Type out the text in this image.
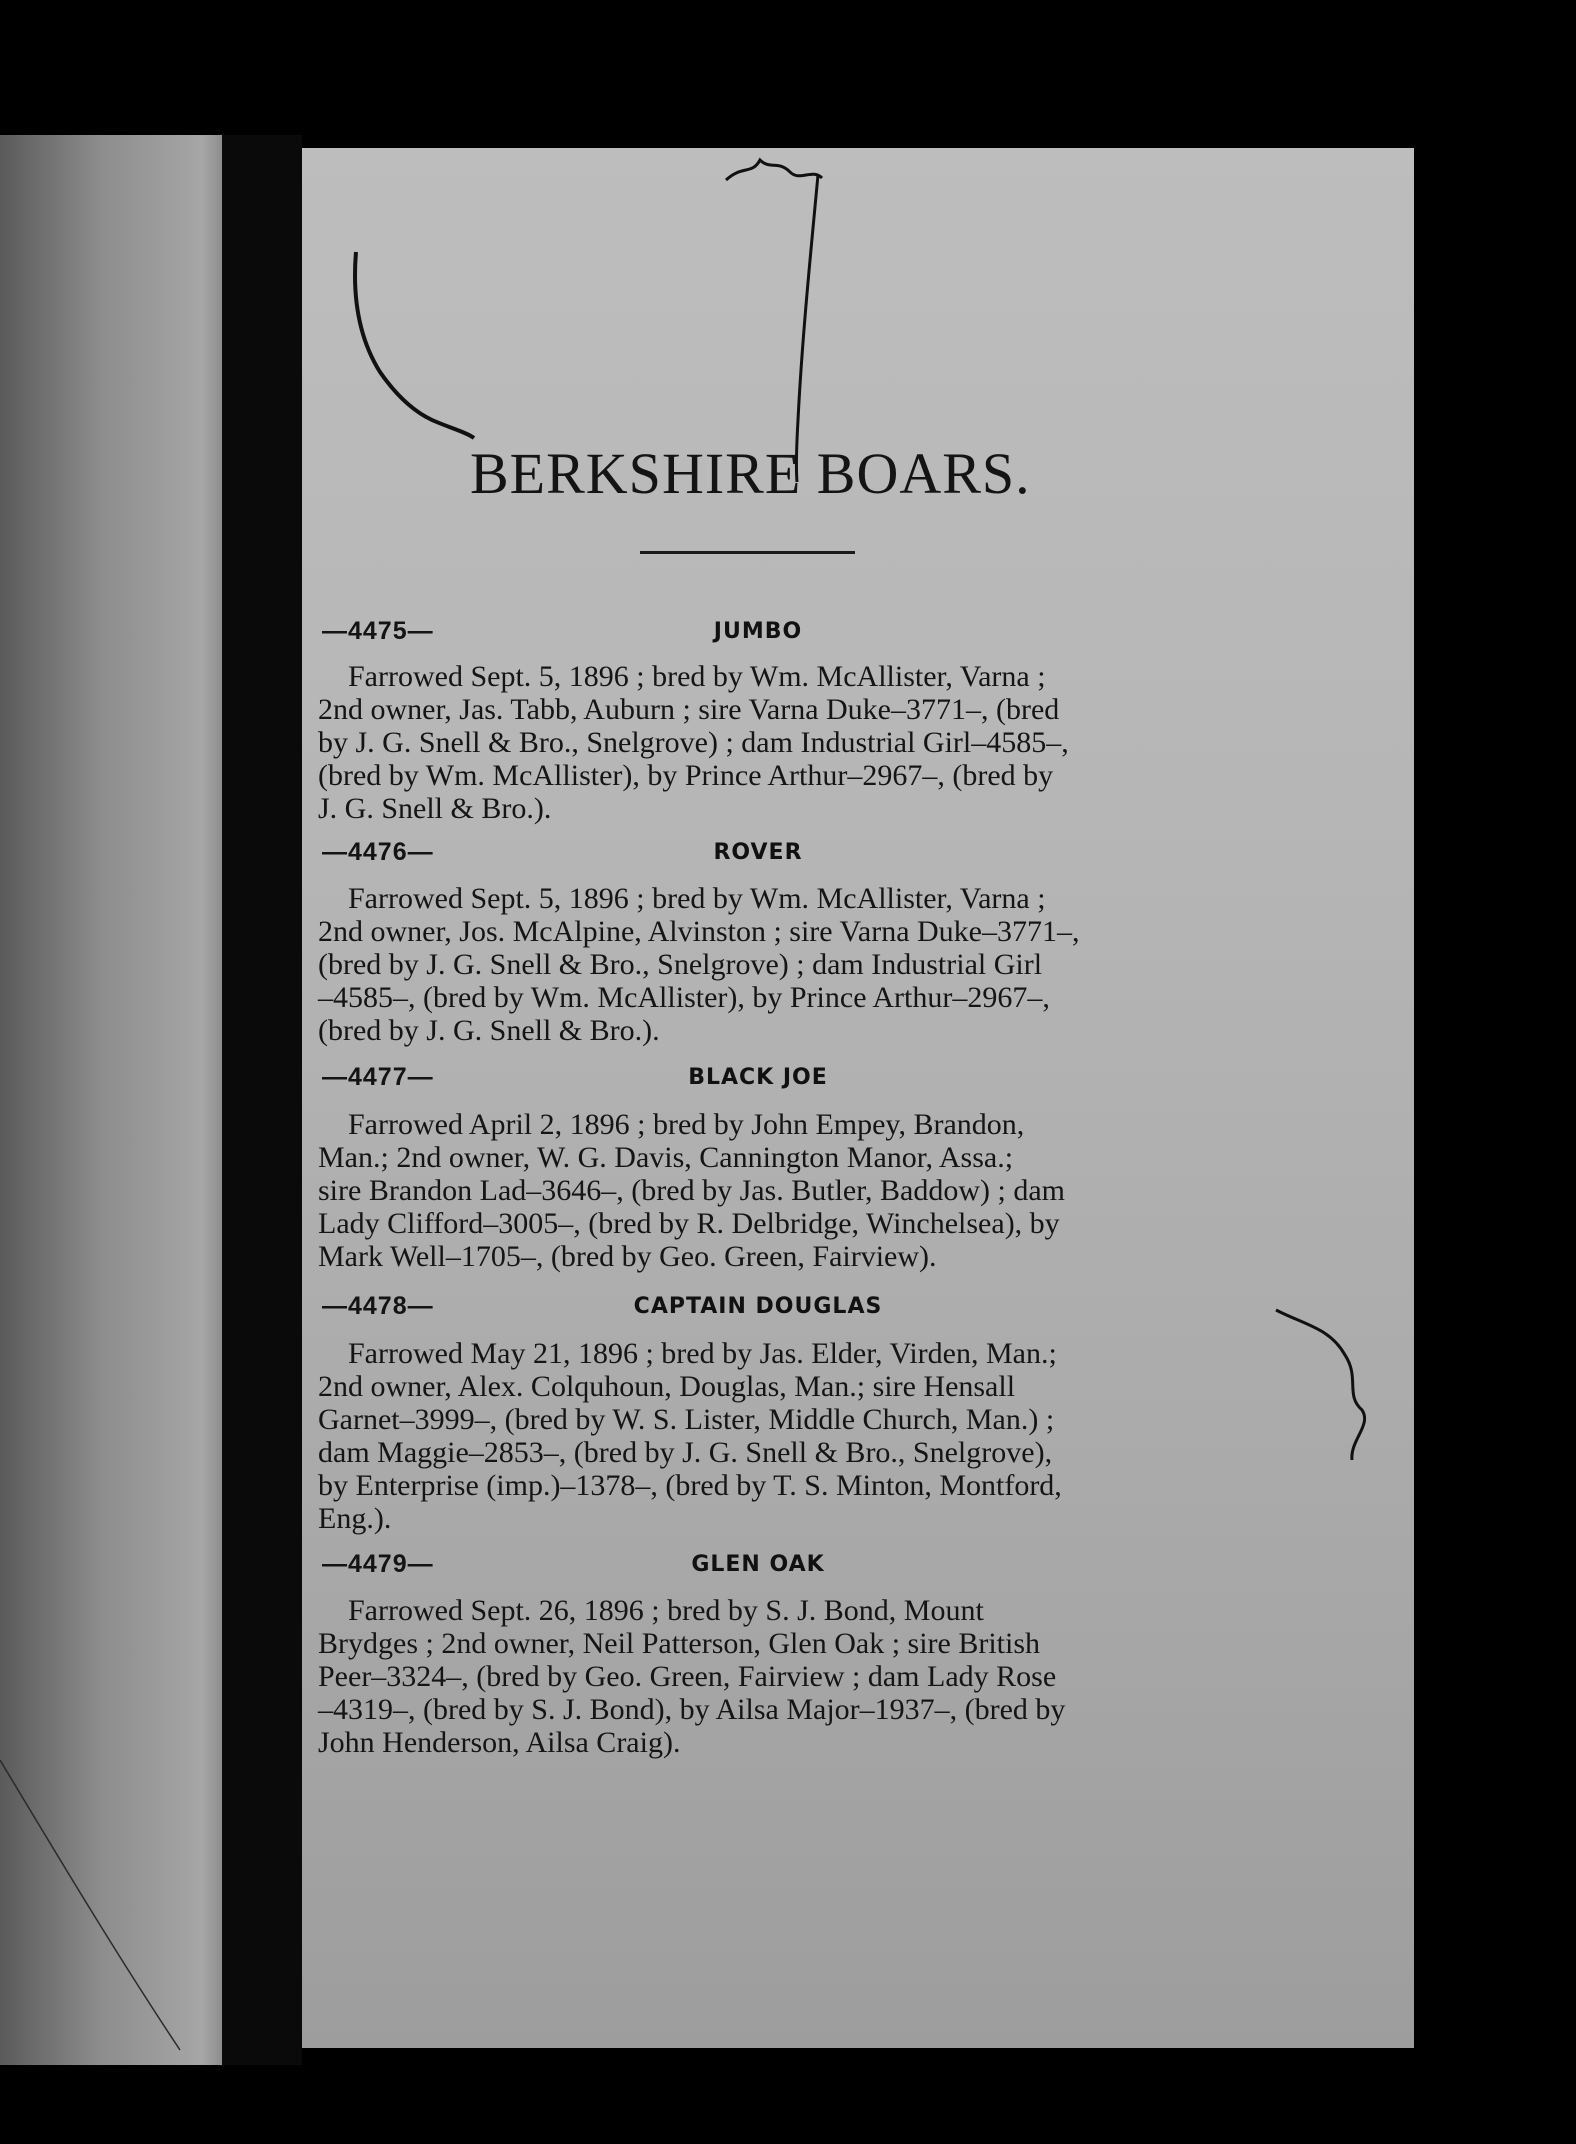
BERKSHIRE BOARS.
—4475—	JUMBO
Farrowed Sept. 5, 1896 ; bred by Wm. McAllister, Varna ;
2nd owner, Jas. Tabb, Auburn ; sire Varna Duke–3771–, (bred
by J. G. Snell & Bro., Snelgrove) ; dam Industrial Girl–4585–,
(bred by Wm. McAllister), by Prince Arthur–2967–, (bred by
J. G. Snell & Bro.).
—4476—	ROVER
Farrowed Sept. 5, 1896 ; bred by Wm. McAllister, Varna ;
2nd owner, Jos. McAlpine, Alvinston ; sire Varna Duke–3771–,
(bred by J. G. Snell & Bro., Snelgrove) ; dam Industrial Girl
–4585–, (bred by Wm. McAllister), by Prince Arthur–2967–,
(bred by J. G. Snell & Bro.).
—4477—	BLACK JOE
Farrowed April 2, 1896 ; bred by John Empey, Brandon,
Man.; 2nd owner, W. G. Davis, Cannington Manor, Assa.;
sire Brandon Lad–3646–, (bred by Jas. Butler, Baddow) ; dam
Lady Clifford–3005–, (bred by R. Delbridge, Winchelsea), by
Mark Well–1705–, (bred by Geo. Green, Fairview).
—4478—	CAPTAIN DOUGLAS
Farrowed May 21, 1896 ; bred by Jas. Elder, Virden, Man.;
2nd owner, Alex. Colquhoun, Douglas, Man.; sire Hensall
Garnet–3999–, (bred by W. S. Lister, Middle Church, Man.) ;
dam Maggie–2853–, (bred by J. G. Snell & Bro., Snelgrove),
by Enterprise (imp.)–1378–, (bred by T. S. Minton, Montford,
Eng.).
—4479—	GLEN OAK
Farrowed Sept. 26, 1896 ; bred by S. J. Bond, Mount
Brydges ; 2nd owner, Neil Patterson, Glen Oak ; sire British
Peer–3324–, (bred by Geo. Green, Fairview ; dam Lady Rose
–4319–, (bred by S. J. Bond), by Ailsa Major–1937–, (bred by
John Henderson, Ailsa Craig).
